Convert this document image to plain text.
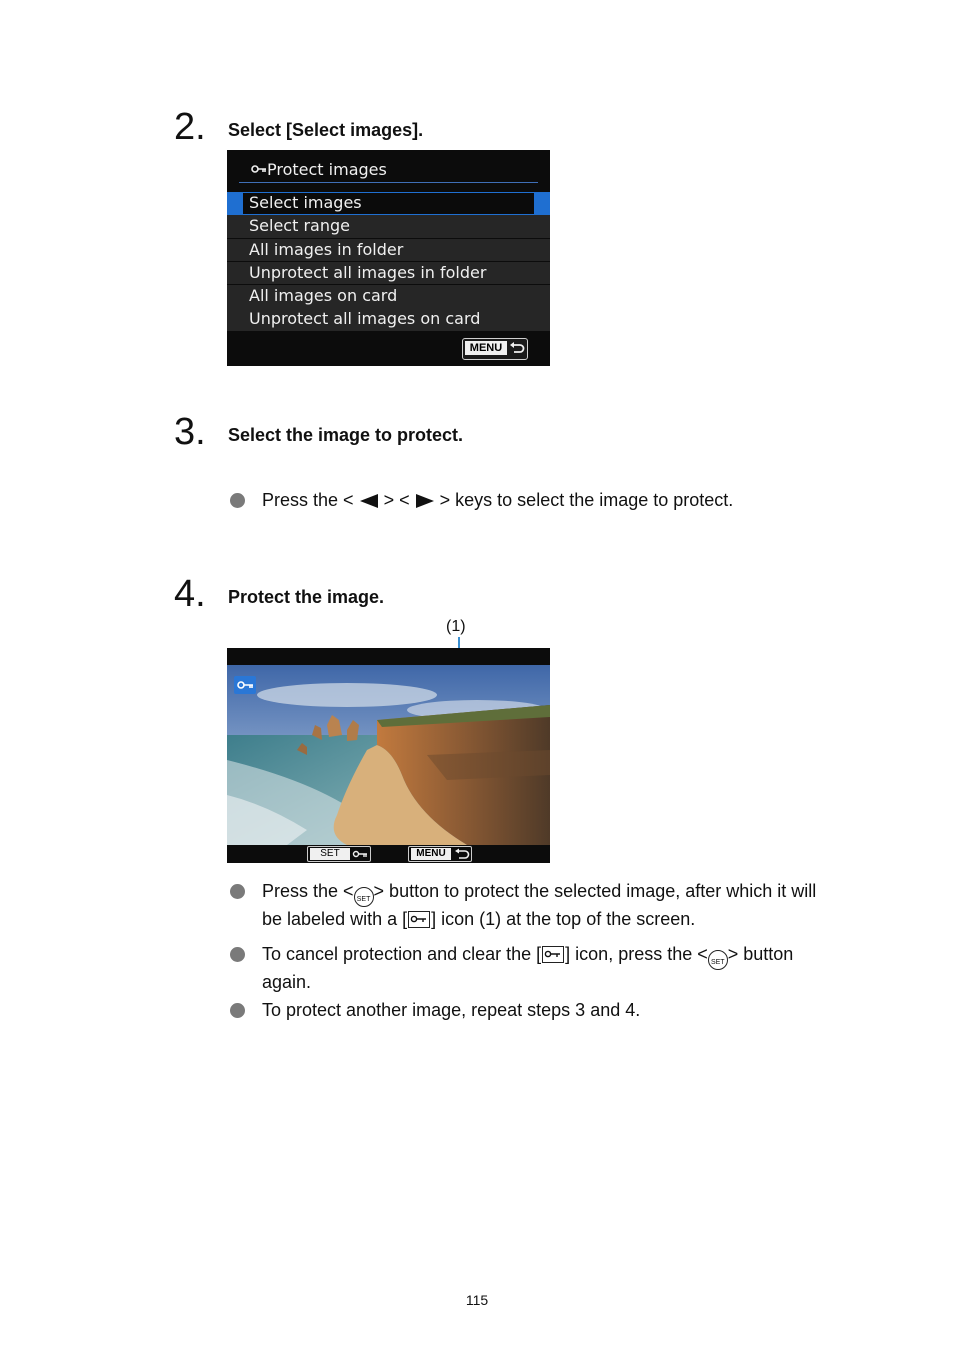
2. Select [Select images].
Protect images
Select images
Select range
All images in folder
Unprotect all images in folder
All images on card
Unprotect all images on card
MENU
3. Select the image to protect.
Press the < > < > keys to select the image to protect.
4. Protect the image.
(1)
SET	MENU
Press the < SET > button to protect the selected image, after which it will
be labeled with a [ ] icon (1) at the top of the screen.
To cancel protection and clear the [ ] icon, press the < SET > button
again.
To protect another image, repeat steps 3 and 4.
115
